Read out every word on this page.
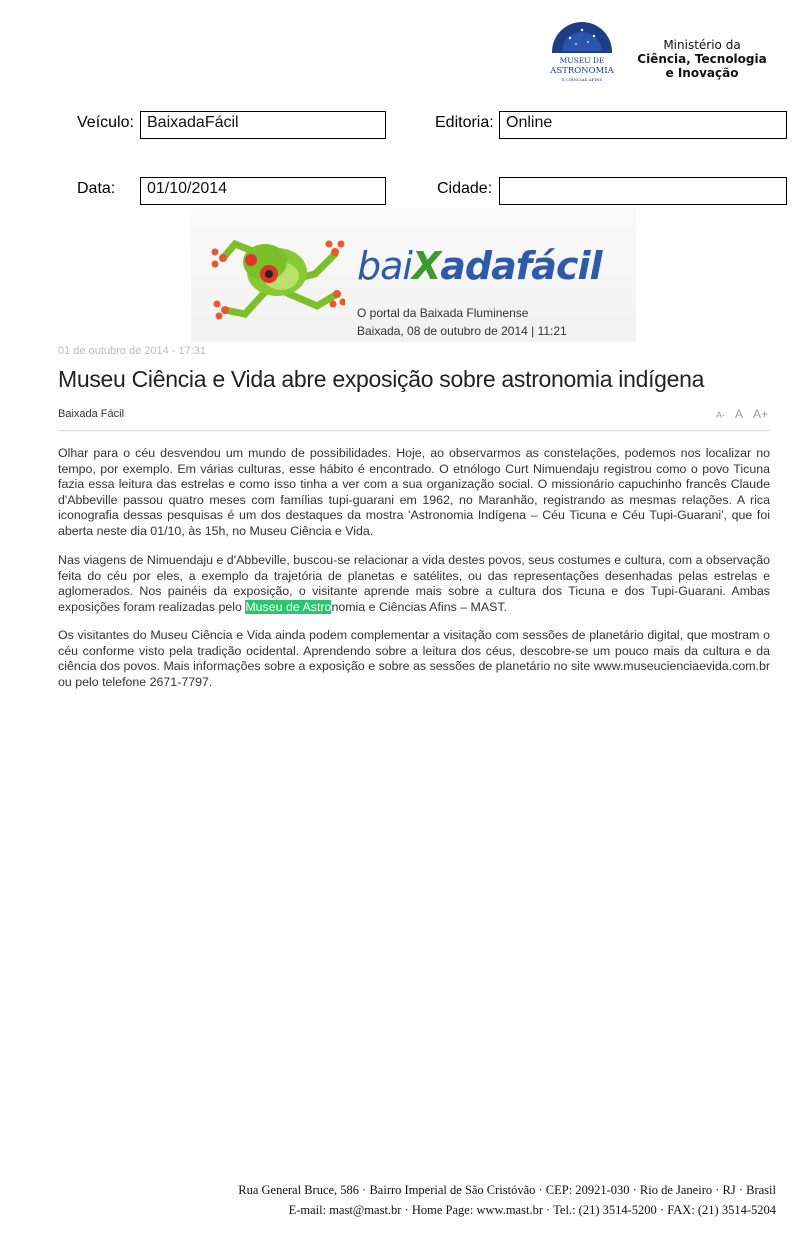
MUSEU DE
ASTRONOMIA
E CIÊNCIAS AFINS
Ministério da
Ciência, Tecnologia
e Inovação
Veículo: BaixadaFácil	Editoria: Online
Data:	01/10/2014	Cidade:
baiXadafácil
O portal da Baixada Fluminense
Baixada, 08 de outubro de 2014 | 11:21
01 de outubro de 2014 - 17:31
Museu Ciência e Vida abre exposição sobre astronomia indígena
Baixada Fácil	A- A A+
Olhar para o céu desvendou um mundo de possibilidades. Hoje, ao observarmos as constelações, podemos nos localizar no tempo, por exemplo. Em várias culturas, esse hábito é encontrado. O etnólogo Curt Nimuendaju registrou como o povo Ticuna fazia essa leitura das estrelas e como isso tinha a ver com a sua organização social. O missionário capuchinho francês Claude d'Abbeville passou quatro meses com famílias tupi-guarani em 1962, no Maranhão, registrando as mesmas relações. A rica iconografia dessas pesquisas é um dos destaques da mostra 'Astronomia Indígena – Céu Ticuna e Céu Tupi-Guarani', que foi aberta neste dia 01/10, às 15h, no Museu Ciência e Vida.
Nas viagens de Nimuendaju e d'Abbeville, buscou-se relacionar a vida destes povos, seus costumes e cultura, com a observação feita do céu por eles, a exemplo da trajetória de planetas e satélites, ou das representações desenhadas pelas estrelas e aglomerados. Nos painéis da exposição, o visitante aprende mais sobre a cultura dos Ticuna e dos Tupi-Guarani. Ambas exposições foram realizadas pelo Museu de Astronomia e Ciências Afins – MAST.
Os visitantes do Museu Ciência e Vida ainda podem complementar a visitação com sessões de planetário digital, que mostram o céu conforme visto pela tradição ocidental. Aprendendo sobre a leitura dos céus, descobre-se um pouco mais da cultura e da ciência dos povos. Mais informações sobre a exposição e sobre as sessões de planetário no site www.museucienciaevida.com.br ou pelo telefone 2671-7797.
Rua General Bruce, 586 · Bairro Imperial de São Cristóvão · CEP: 20921-030 · Rio de Janeiro · RJ · Brasil
E-mail: mast@mast.br · Home Page: www.mast.br · Tel.: (21) 3514-5200 · FAX: (21) 3514-5204
